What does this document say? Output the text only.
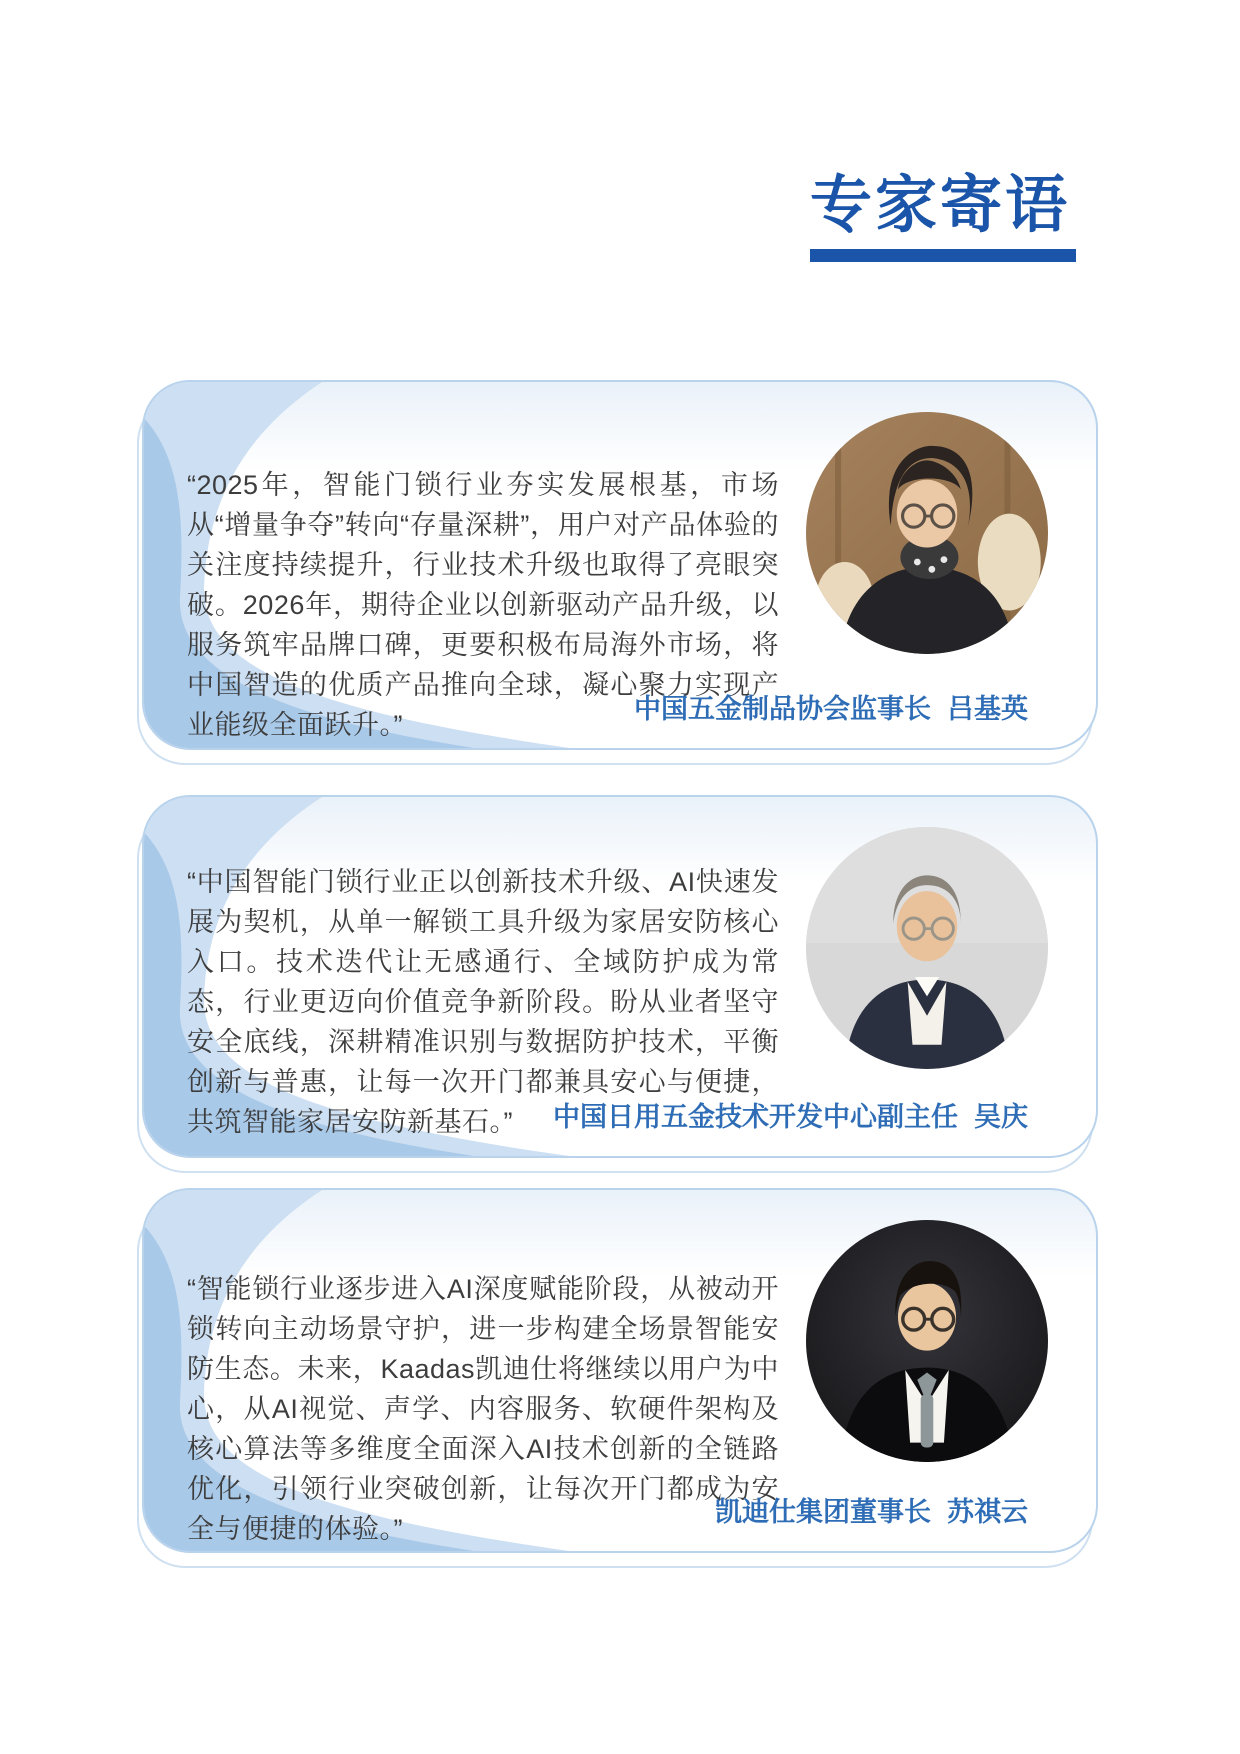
专家寄语

“2025年，智能门锁行业夯实发展根基，市场从“增量争夺”转向“存量深耕”，用户对产品体验的关注度持续提升，行业技术升级也取得了亮眼突破。2026年，期待企业以创新驱动产品升级，以服务筑牢品牌口碑，更要积极布局海外市场，将中国智造的优质产品推向全球，凝心聚力实现产业能级全面跃升。”

中国五金制品协会监事长 吕基英

“中国智能门锁行业正以创新技术升级、AI快速发展为契机，从单一解锁工具升级为家居安防核心入口。技术迭代让无感通行、全域防护成为常态，行业更迈向价值竞争新阶段。盼从业者坚守安全底线，深耕精准识别与数据防护技术，平衡创新与普惠，让每一次开门都兼具安心与便捷，共筑智能家居安防新基石。”	中国日用五金技术开发中心副主任 吴庆

“智能锁行业逐步进入AI深度赋能阶段，从被动开锁转向主动场景守护，进一步构建全场景智能安防生态。未来，Kaadas凯迪仕将继续以用户为中心，从AI视觉、声学、内容服务、软硬件架构及核心算法等多维度全面深入AI技术创新的全链路优化，引领行业突破创新，让每次开门都成为安全与便捷的体验。”

凯迪仕集团董事长 苏祺云
